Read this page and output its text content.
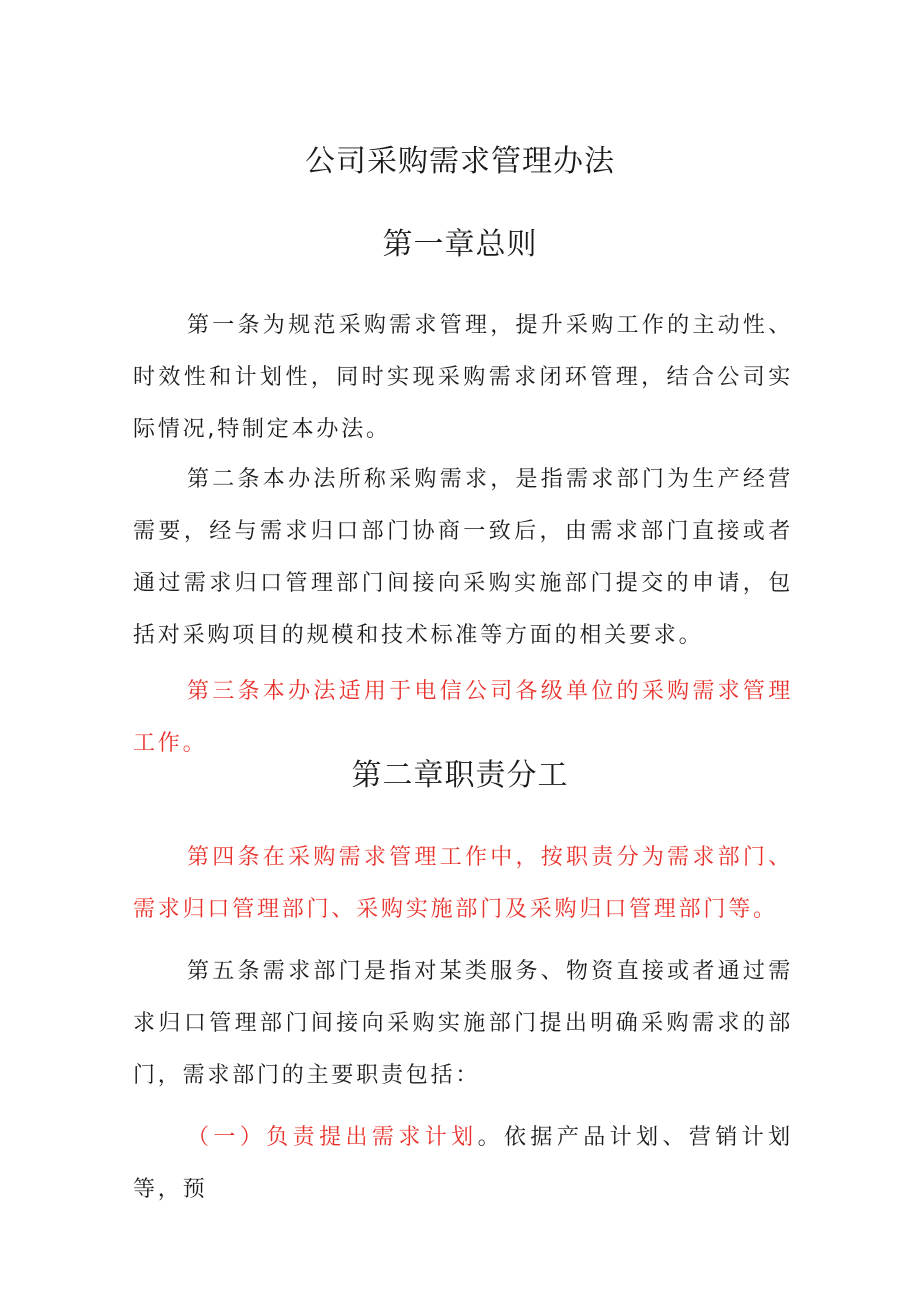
公司采购需求管理办法
第一章总则

第一条为规范采购需求管理，提升采购工作的主动性、时效性和计划性，同时实现采购需求闭环管理，结合公司实际情况,特制定本办法。

第二条本办法所称采购需求，是指需求部门为生产经营需要，经与需求归口部门协商一致后，由需求部门直接或者通过需求归口管理部门间接向采购实施部门提交的申请，包括对采购项目的规模和技术标准等方面的相关要求。

第三条本办法适用于电信公司各级单位的采购需求管理工作。

第二章职责分工

第四条在采购需求管理工作中，按职责分为需求部门、需求归口管理部门、采购实施部门及采购归口管理部门等。

第五条需求部门是指对某类服务、物资直接或者通过需求归口管理部门间接向采购实施部门提出明确采购需求的部门，需求部门的主要职责包括：

（一）负责提出需求计划。依据产品计划、营销计划等，预
